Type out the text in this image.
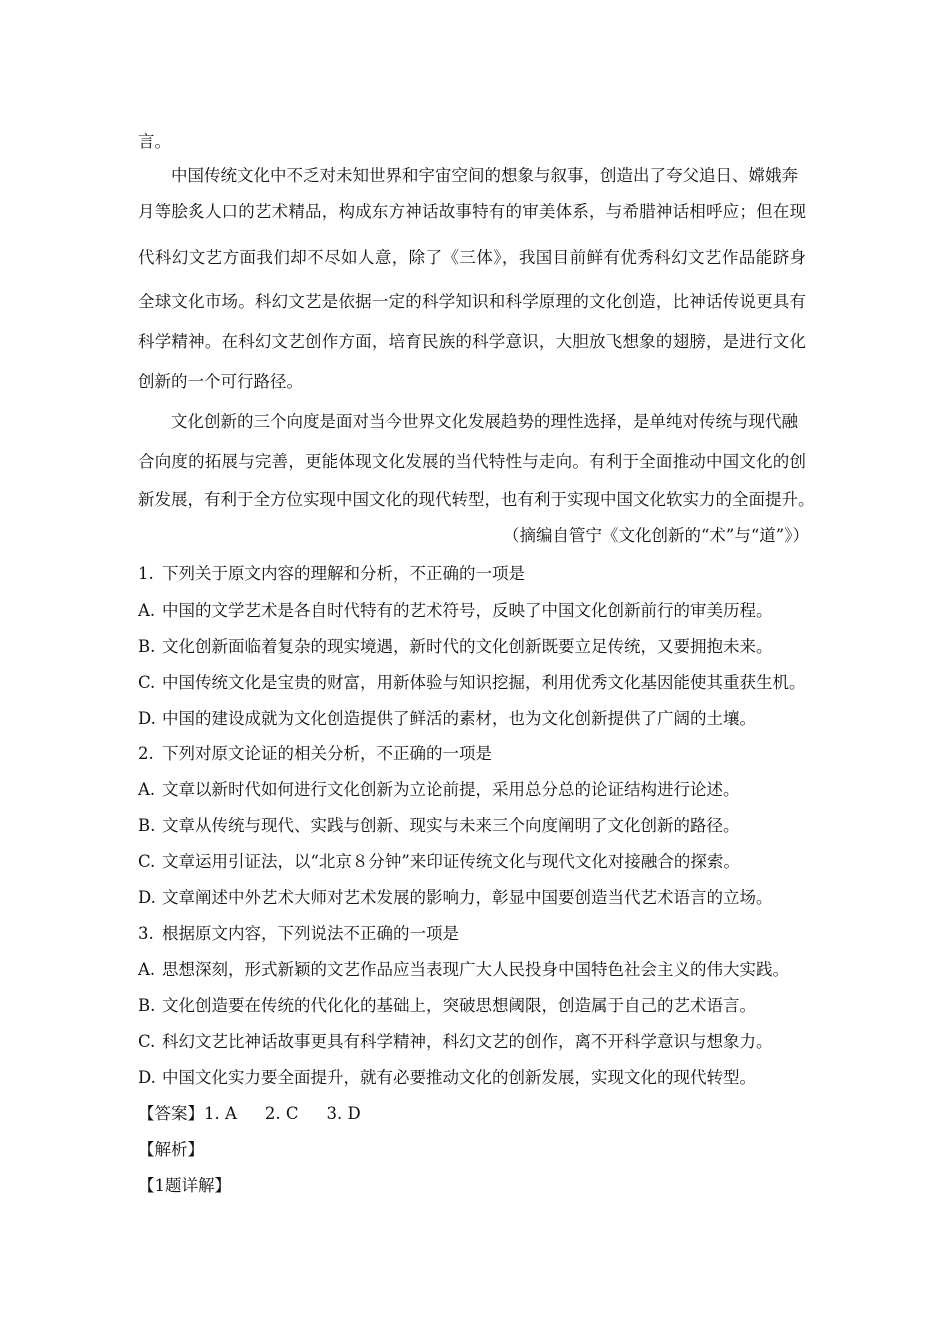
言。
中国传统文化中不乏对未知世界和宇宙空间的想象与叙事，创造出了夸父追日、嫦娥奔
月等脍炙人口的艺术精品，构成东方神话故事特有的审美体系，与希腊神话相呼应；但在现
代科幻文艺方面我们却不尽如人意，除了《三体》，我国目前鲜有优秀科幻文艺作品能跻身
全球文化市场。科幻文艺是依据一定的科学知识和科学原理的文化创造，比神话传说更具有
科学精神。在科幻文艺创作方面，培育民族的科学意识，大胆放飞想象的翅膀，是进行文化
创新的一个可行路径。
文化创新的三个向度是面对当今世界文化发展趋势的理性选择，是单纯对传统与现代融
合向度的拓展与完善，更能体现文化发展的当代特性与走向。有利于全面推动中国文化的创
新发展，有利于全方位实现中国文化的现代转型，也有利于实现中国文化软实力的全面提升。
（摘编自管宁《文化创新的“术”与“道”》）
1. 下列关于原文内容的理解和分析，不正确的一项是
A. 中国的文学艺术是各自时代特有的艺术符号，反映了中国文化创新前行的审美历程。
B. 文化创新面临着复杂的现实境遇，新时代的文化创新既要立足传统，又要拥抱未来。
C. 中国传统文化是宝贵的财富，用新体验与知识挖掘，利用优秀文化基因能使其重获生机。
D. 中国的建设成就为文化创造提供了鲜活的素材，也为文化创新提供了广阔的土壤。
2. 下列对原文论证的相关分析，不正确的一项是
A. 文章以新时代如何进行文化创新为立论前提，采用总分总的论证结构进行论述。
B. 文章从传统与现代、实践与创新、现实与未来三个向度阐明了文化创新的路径。
C. 文章运用引证法，以“北京８分钟”来印证传统文化与现代文化对接融合的探索。
D. 文章阐述中外艺术大师对艺术发展的影响力，彰显中国要创造当代艺术语言的立场。
3. 根据原文内容，下列说法不正确的一项是
A. 思想深刻，形式新颖的文艺作品应当表现广大人民投身中国特色社会主义的伟大实践。
B. 文化创造要在传统的代化化的基础上，突破思想阈限，创造属于自己的艺术语言。
C. 科幻文艺比神话故事更具有科学精神，科幻文艺的创作，离不开科学意识与想象力。
D. 中国文化实力要全面提升，就有必要推动文化的创新发展，实现文化的现代转型。
【答案】1. A 2. C 3. D
【解析】
【1题详解】
